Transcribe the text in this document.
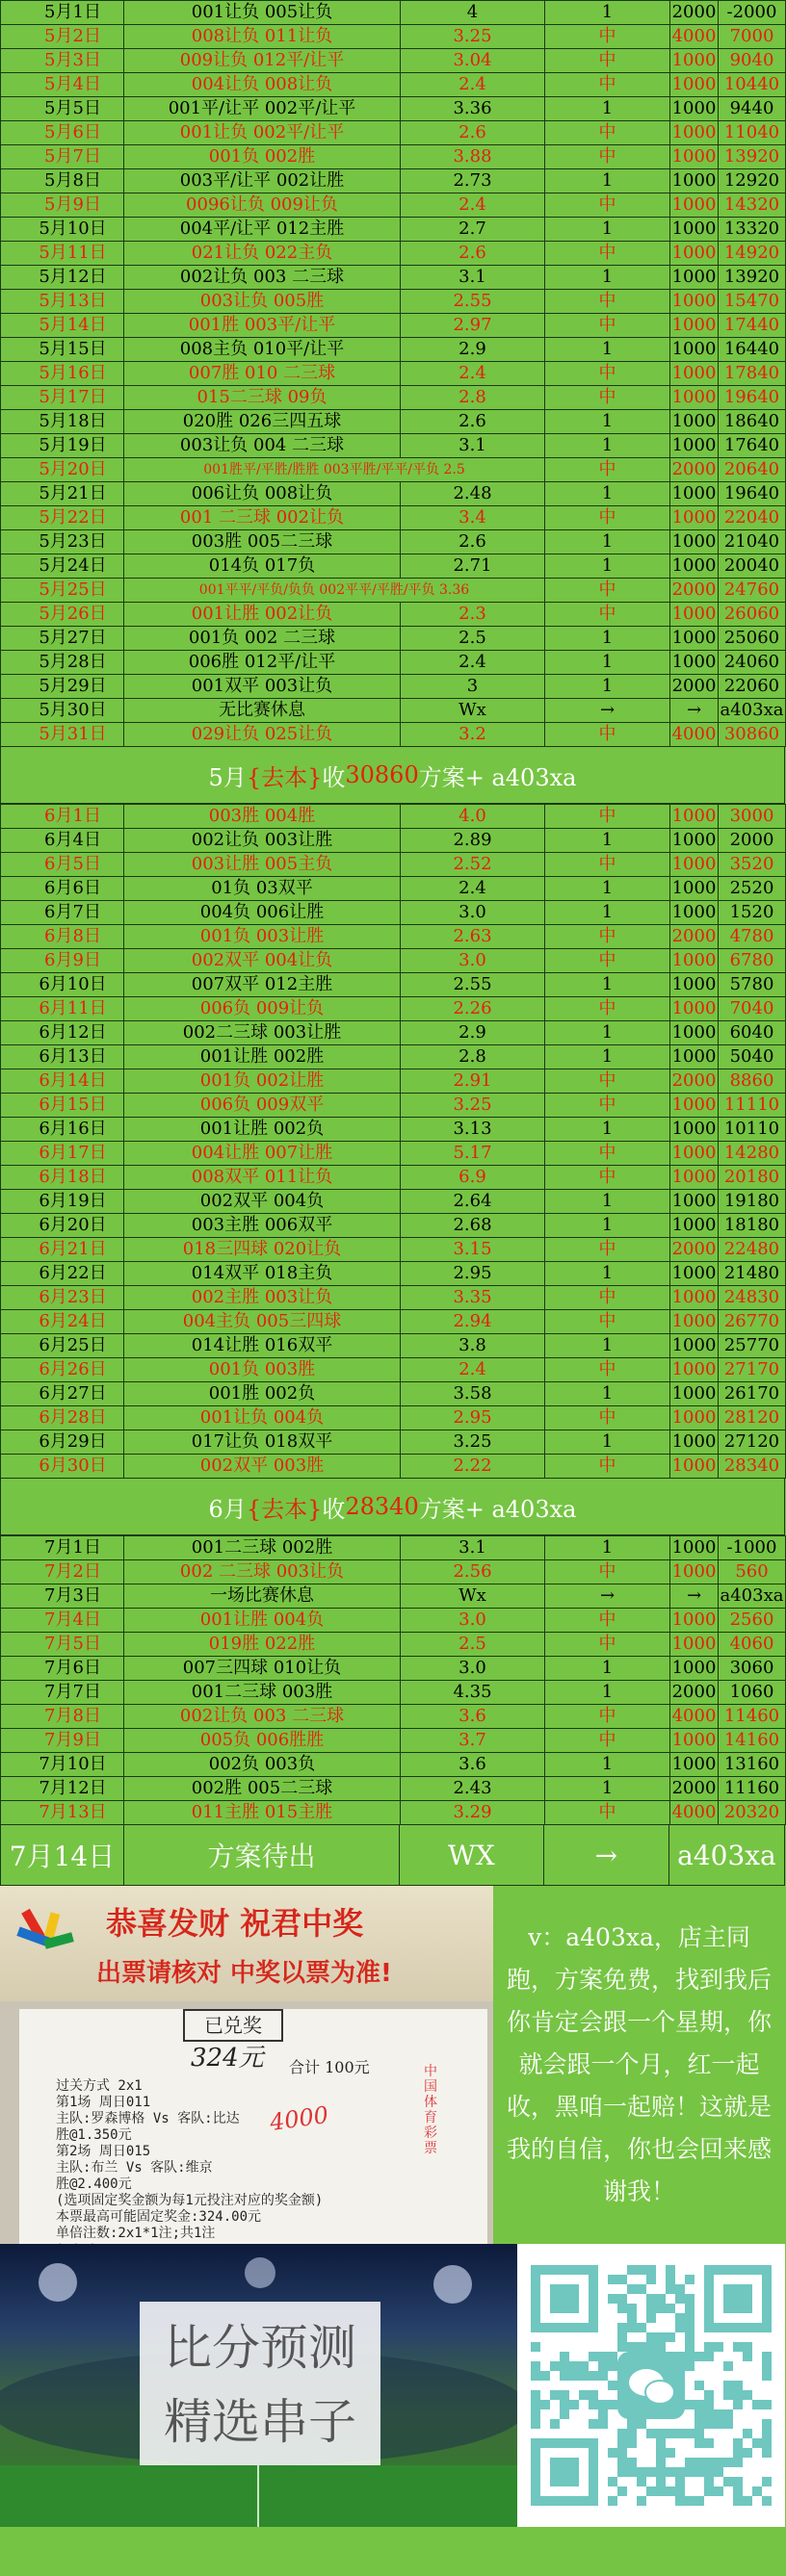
5月1日	001让负 005让负	4	1	2000	-2000
5月2日	008让负 011让负	3.25	中	4000	7000
5月3日	009让负 012平/让平	3.04	中	1000	9040
5月4日	004让负 008让负	2.4	中	1000	10440
5月5日	001平/让平 002平/让平	3.36	1	1000	9440
5月6日	001让负 002平/让平	2.6	中	1000	11040
5月7日	001负 002胜	3.88	中	1000	13920
5月8日	003平/让平 002让胜	2.73	1	1000	12920
5月9日	0096让负 009让负	2.4	中	1000	14320
5月10日	004平/让平 012主胜	2.7	1	1000	13320
5月11日	021让负 022主负	2.6	中	1000	14920
5月12日	002让负 003 二三球	3.1	1	1000	13920
5月13日	003让负 005胜	2.55	中	1000	15470
5月14日	001胜 003平/让平	2.97	中	1000	17440
5月15日	008主负 010平/让平	2.9	1	1000	16440
5月16日	007胜 010 二三球	2.4	中	1000	17840
5月17日	015二三球 09负	2.8	中	1000	19640
5月18日	020胜 026三四五球	2.6	1	1000	18640
5月19日	003让负 004 二三球	3.1	1	1000	17640
5月20日	001胜平/平胜/胜胜 003平胜/平平/平负 2.5		中	2000	20640
5月21日	006让负 008让负	2.48	1	1000	19640
5月22日	001 二三球 002让负	3.4	中	1000	22040
5月23日	003胜 005二三球	2.6	1	1000	21040
5月24日	014负 017负	2.71	1	1000	20040
5月25日	001平平/平负/负负 002平平/平胜/平负 3.36		中	2000	24760
5月26日	001让胜 002让负	2.3	中	1000	26060
5月27日	001负 002 二三球	2.5	1	1000	25060
5月28日	006胜 012平/让平	2.4	1	1000	24060
5月29日	001双平 003让负	3	1	2000	22060
5月30日	无比赛休息	Wx	→	→	a403xa
5月31日	029让负 025让负	3.2	中	4000	30860
5月 {去本} 收 30860 方案+ a403xa
6月1日	003胜 004胜	4.0	中	1000	3000
6月4日	002让负 003让胜	2.89	1	1000	2000
6月5日	003让胜 005主负	2.52	中	1000	3520
6月6日	01负 03双平	2.4	1	1000	2520
6月7日	004负 006让胜	3.0	1	1000	1520
6月8日	001负 003让胜	2.63	中	2000	4780
6月9日	002双平 004让负	3.0	中	1000	6780
6月10日	007双平 012主胜	2.55	1	1000	5780
6月11日	006负 009让负	2.26	中	1000	7040
6月12日	002二三球 003让胜	2.9	1	1000	6040
6月13日	001让胜 002胜	2.8	1	1000	5040
6月14日	001负 002让胜	2.91	中	2000	8860
6月15日	006负 009双平	3.25	中	1000	11110
6月16日	001让胜 002负	3.13	1	1000	10110
6月17日	004让胜 007让胜	5.17	中	1000	14280
6月18日	008双平 011让负	6.9	中	1000	20180
6月19日	002双平 004负	2.64	1	1000	19180
6月20日	003主胜 006双平	2.68	1	1000	18180
6月21日	018三四球 020让负	3.15	中	2000	22480
6月22日	014双平 018主负	2.95	1	1000	21480
6月23日	002主胜 003让负	3.35	中	1000	24830
6月24日	004主负 005三四球	2.94	中	1000	26770
6月25日	014让胜 016双平	3.8	1	1000	25770
6月26日	001负 003胜	2.4	中	1000	27170
6月27日	001胜 002负	3.58	1	1000	26170
6月28日	001让负 004负	2.95	中	1000	28120
6月29日	017让负 018双平	3.25	1	1000	27120
6月30日	002双平 003胜	2.22	中	1000	28340
6月 {去本} 收 28340 方案+ a403xa
7月1日	001二三球 002胜	3.1	1	1000	-1000
7月2日	002 二三球 003让负	2.56	中	1000	560
7月3日	一场比赛休息	Wx	→	→	a403xa
7月4日	001让胜 004负	3.0	中	1000	2560
7月5日	019胜 022胜	2.5	中	1000	4060
7月6日	007三四球 010让负	3.0	1	1000	3060
7月7日	001二三球 003胜	4.35	1	2000	1060
7月8日	002让负 003 二三球	3.6	中	4000	11460
7月9日	005负 006胜胜	3.7	中	1000	14160
7月10日	002负 003负	3.6	1	1000	13160
7月12日	002胜 005二三球	2.43	1	2000	11160
7月13日	011主胜 015主胜	3.29	中	4000	20320
7月14日	方案待出	WX	→	a403xa
恭喜发财 祝君中奖
出票请核对 中奖以票为准!
已兑奖
324元 合计 100元
4000
过关方式 2x1
第1场 周日011
主队:罗森博格 Vs 客队:比达
胜@1.350元
第2场 周日015
主队:布兰 Vs 客队:维京
胜@2.400元
(选项固定奖金额为每1元投注对应的奖金额)
本票最高可能固定奖金:324.00元
单倍注数:2x1*1注;共1注
中国体育彩票
v：a403xa，店主同跑，方案免费，找到我后你肯定会跟一个星期，你就会跟一个月，红一起收，黑咱一起赔！这就是我的自信，你也会回来感谢我！
比分预测
精选串子
